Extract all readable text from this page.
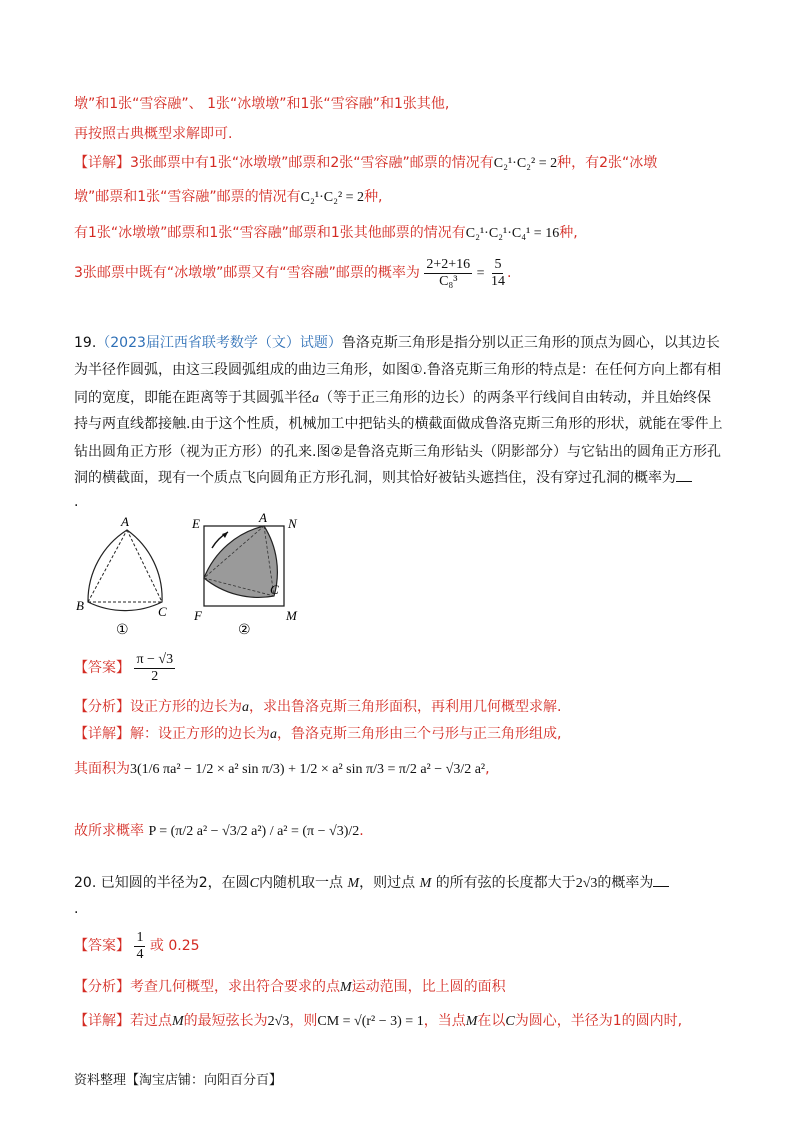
墩”和1张“雪容融”、 1张“冰墩墩”和1张“雪容融”和1张其他,
再按照古典概型求解即可.
【详解】3张邮票中有1张“冰墩墩”邮票和2张“雪容融”邮票的情况有C₂¹·C₂² = 2种，有2张“冰墩
墩”邮票和1张“雪容融”邮票的情况有C₂¹·C₂² = 2种,
有1张“冰墩墩”邮票和1张“雪容融”邮票和1张其他邮票的情况有C₂¹·C₂¹·C₄¹ = 16种,
3张邮票中既有“冰墩墩”邮票又有“雪容融”邮票的概率为 $\frac{2+2+16}{\text{C₈³}} = \frac{5}{14}$ .
19.（2023届江西省联考数学（文）试题）鲁洛克斯三角形是指分别以正三角形的顶点为圆心，以其边长
为半径作圆弧，由这三段圆弧组成的曲边三角形，如图①.鲁洛克斯三角形的特点是：在任何方向上都有相
同的宽度，即能在距离等于其圆弧半径a（等于正三角形的边长）的两条平行线间自由转动，并且始终保
持与两直线都接触.由于这个性质，机械加工中把钻头的横截面做成鲁洛克斯三角形的形状，就能在零件上
钻出圆角正方形（视为正方形）的孔来.图②是鲁洛克斯三角形钻头（阴影部分）与它钻出的圆角正方形孔
洞的横截面，现有一个质点飞向圆角正方形孔洞，则其恰好被钻头遮挡住，没有穿过孔洞的概率为
.
A
B	C
①
E	A N
C
F	M
②
【答案】 $\frac{\pi - √3}{2}$
【分析】设正方形的边长为a，求出鲁洛克斯三角形面积，再利用几何概型求解.
【详解】解：设正方形的边长为a，鲁洛克斯三角形由三个弓形与正三角形组成,
其面积为3(1/6 πa² − 1/2 × a² sin π/3) + 1/2 × a² sin π/3 = π/2 a² − √3/2 a²,
故所求概率 P = (π/2 a² − √3/2 a²) / a² = (π − √3)/2.
20. 已知圆的半径为2，在圆C内随机取一点 M，则过点 M 的所有弦的长度都大于2√3的概率为
.
【答案】 $\frac{1}{4}$ 或 0.25
【分析】考查几何概型，求出符合要求的点M运动范围，比上圆的面积
【详解】若过点M的最短弦长为2√3，则CM = √(r² − 3) = 1，当点M在以C为圆心，半径为1的圆内时,
资料整理【淘宝店铺：向阳百分百】
